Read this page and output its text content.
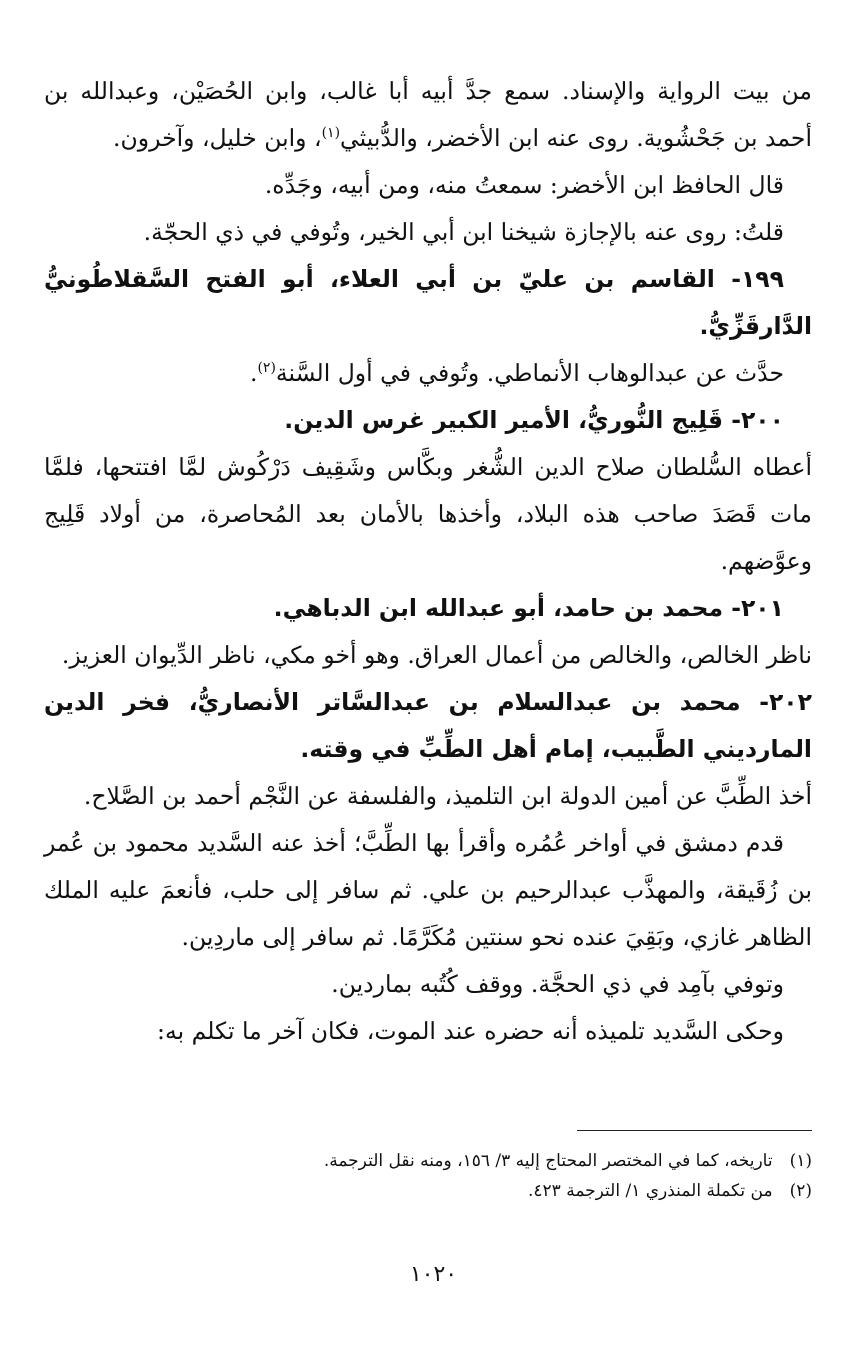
من بيت الرواية والإسناد. سمع جدَّ أبيه أبا غالب، وابن الحُصَيْن، وعبدالله بن أحمد بن جَحْشُوية. روى عنه ابن الأخضر، والدُّبيثي$^{(١)}$، وابن خليل، وآخرون.

قال الحافظ ابن الأخضر: سمعتُ منه، ومن أبيه، وجَدِّه.

قلتُ: روى عنه بالإجازة شيخنا ابن أبي الخير، وتُوفي في ذي الحجّة.

١٩٩- القاسم بن عليّ بن أبي العلاء، أبو الفتح السَّقلاطُونيُّ الدَّارقَزِّيُّ.

حدَّث عن عبدالوهاب الأنماطي. وتُوفي في أول السَّنة$^{(٢)}$.

٢٠٠- قَلِيج النُّوريُّ، الأمير الكبير غرس الدين.

أعطاه السُّلطان صلاح الدين الشُّغر وبكَّاس وشَقِيف دَرْكُوش لمَّا افتتحها، فلمَّا مات قَصَدَ صاحب هذه البلاد، وأخذها بالأمان بعد المُحاصرة، من أولاد قَلِيج وعوَّضهم.

٢٠١- محمد بن حامد، أبو عبدالله ابن الدباهي.

ناظر الخالص، والخالص من أعمال العراق. وهو أخو مكي، ناظر الدِّيوان العزيز.

٢٠٢- محمد بن عبدالسلام بن عبدالسَّاتر الأنصاريُّ، فخر الدين المارديني الطَّبيب، إمام أهل الطِّبِّ في وقته.

أخذ الطِّبَّ عن أمين الدولة ابن التلميذ، والفلسفة عن النَّجْم أحمد بن الصَّلاح.

قدم دمشق في أواخر عُمُره وأقرأ بها الطِّبَّ؛ أخذ عنه السَّديد محمود بن عُمر بن زُقَيقة، والمهذَّب عبدالرحيم بن علي. ثم سافر إلى حلب، فأنعمَ عليه الملك الظاهر غازي، وبَقِيَ عنده نحو سنتين مُكَرَّمًا. ثم سافر إلى ماردِين.

وتوفي بآمِد في ذي الحجَّة. ووقف كُتُبه بماردين.

وحكى السَّديد تلميذه أنه حضره عند الموت، فكان آخر ما تكلم به:

(١) تاريخه، كما في المختصر المحتاج إليه ٣/ ١٥٦، ومنه نقل الترجمة.

(٢) من تكملة المنذري ١/ الترجمة ٤٢٣.

١٠٢٠
